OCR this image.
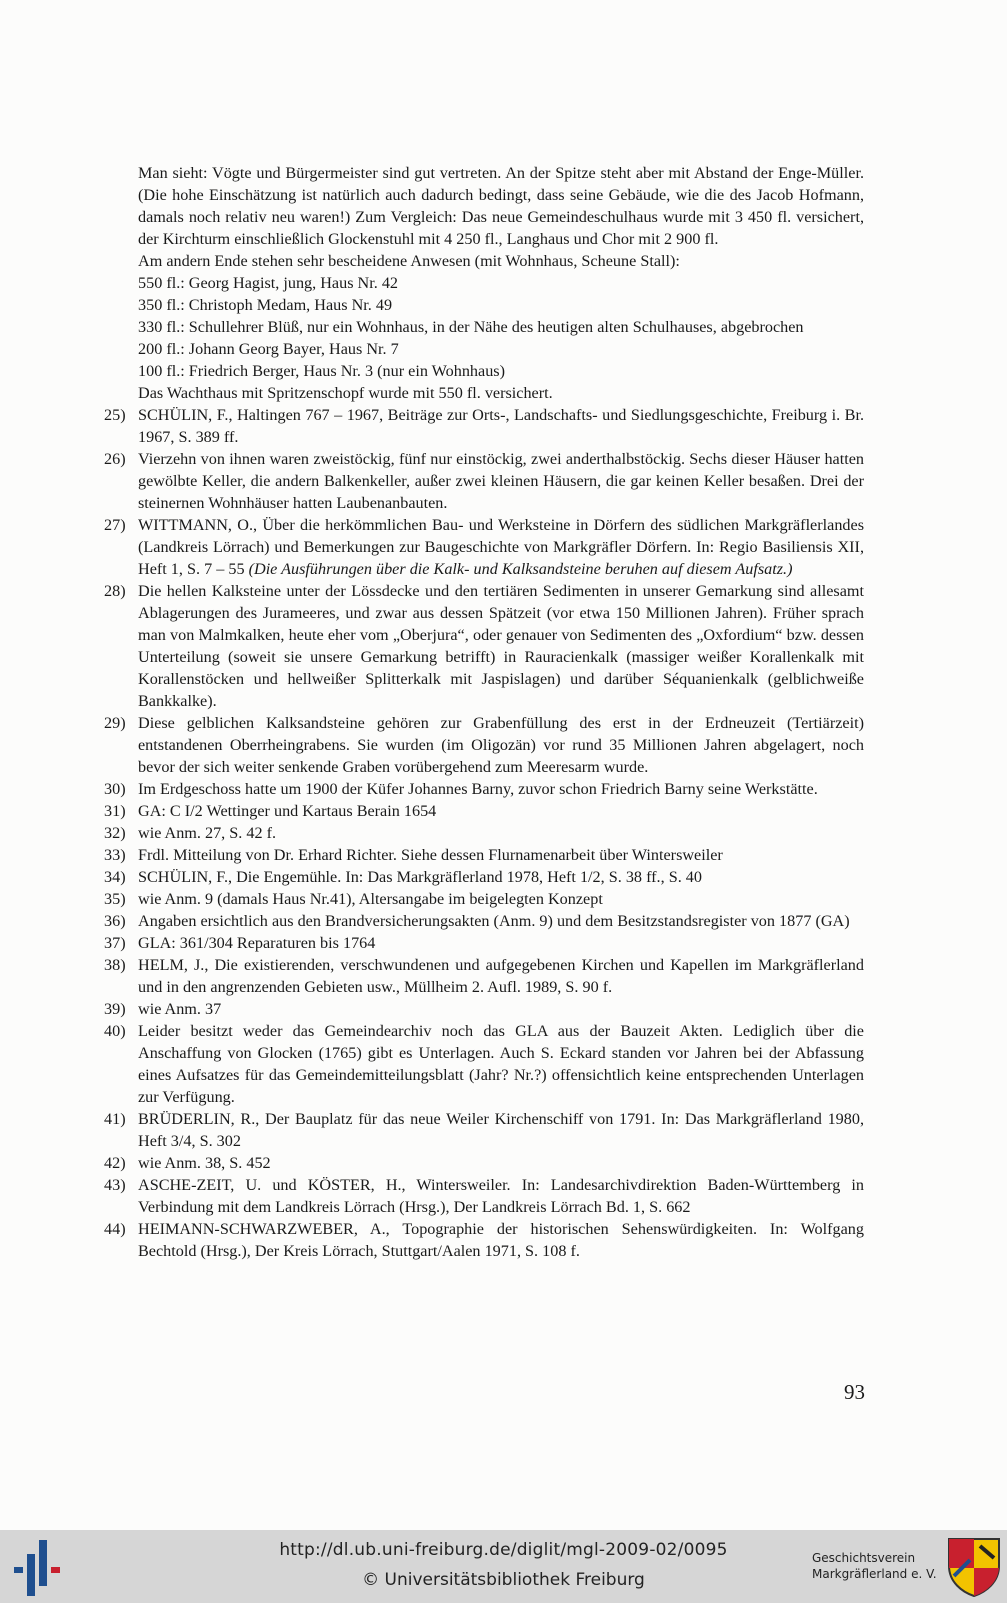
Man sieht: Vögte und Bürgermeister sind gut vertreten. An der Spitze steht aber mit Abstand der Enge-Müller. (Die hohe Einschätzung ist natürlich auch dadurch bedingt, dass seine Gebäude, wie die des Jacob Hofmann, damals noch relativ neu waren!) Zum Vergleich: Das neue Gemeindeschulhaus wurde mit 3 450 fl. versichert, der Kirchturm einschließlich Glockenstuhl mit 4 250 fl., Langhaus und Chor mit 2 900 fl.

Am andern Ende stehen sehr bescheidene Anwesen (mit Wohnhaus, Scheune Stall):

550 fl.: Georg Hagist, jung, Haus Nr. 42

350 fl.: Christoph Medam, Haus Nr. 49

330 fl.: Schullehrer Blüß, nur ein Wohnhaus, in der Nähe des heutigen alten Schulhauses, abgebrochen

200 fl.: Johann Georg Bayer, Haus Nr. 7

100 fl.: Friedrich Berger, Haus Nr. 3 (nur ein Wohnhaus)

Das Wachthaus mit Spritzenschopf wurde mit 550 fl. versichert.

25) SCHÜLIN, F., Haltingen 767 – 1967, Beiträge zur Orts-, Landschafts- und Siedlungsgeschichte, Freiburg i. Br. 1967, S. 389 ff.

26) Vierzehn von ihnen waren zweistöckig, fünf nur einstöckig, zwei anderthalbstöckig. Sechs dieser Häuser hatten gewölbte Keller, die andern Balkenkeller, außer zwei kleinen Häusern, die gar keinen Keller besaßen. Drei der steinernen Wohnhäuser hatten Laubenanbauten.

27) WITTMANN, O., Über die herkömmlichen Bau- und Werksteine in Dörfern des südlichen Markgräflerlandes (Landkreis Lörrach) und Bemerkungen zur Baugeschichte von Markgräfler Dörfern. In: Regio Basiliensis XII, Heft 1, S. 7 – 55 (Die Ausführungen über die Kalk- und Kalksandsteine beruhen auf diesem Aufsatz.)

28) Die hellen Kalksteine unter der Lössdecke und den tertiären Sedimenten in unserer Gemarkung sind allesamt Ablagerungen des Jurameeres, und zwar aus dessen Spätzeit (vor etwa 150 Millionen Jahren). Früher sprach man von Malmkalken, heute eher vom „Oberjura“, oder genauer von Sedimenten des „Oxfordium“ bzw. dessen Unterteilung (soweit sie unsere Gemarkung betrifft) in Rauracienkalk (massiger weißer Korallenkalk mit Korallenstöcken und hellweißer Splitterkalk mit Jaspislagen) und darüber Séquanienkalk (gelblichweiße Bankkalke).

29) Diese gelblichen Kalksandsteine gehören zur Grabenfüllung des erst in der Erdneuzeit (Tertiärzeit) entstandenen Oberrheingrabens. Sie wurden (im Oligozän) vor rund 35 Millionen Jahren abgelagert, noch bevor der sich weiter senkende Graben vorübergehend zum Meeresarm wurde.

30) Im Erdgeschoss hatte um 1900 der Küfer Johannes Barny, zuvor schon Friedrich Barny seine Werkstätte.

31) GA: C I/2 Wettinger und Kartaus Berain 1654

32) wie Anm. 27, S. 42 f.

33) Frdl. Mitteilung von Dr. Erhard Richter. Siehe dessen Flurnamenarbeit über Wintersweiler

34) SCHÜLIN, F., Die Engemühle. In: Das Markgräflerland 1978, Heft 1/2, S. 38 ff., S. 40

35) wie Anm. 9 (damals Haus Nr.41), Altersangabe im beigelegten Konzept

36) Angaben ersichtlich aus den Brandversicherungsakten (Anm. 9) und dem Besitzstandsregister von 1877 (GA)

37) GLA: 361/304 Reparaturen bis 1764

38) HELM, J., Die existierenden, verschwundenen und aufgegebenen Kirchen und Kapellen im Markgräflerland und in den angrenzenden Gebieten usw., Müllheim 2. Aufl. 1989, S. 90 f.

39) wie Anm. 37

40) Leider besitzt weder das Gemeindearchiv noch das GLA aus der Bauzeit Akten. Lediglich über die Anschaffung von Glocken (1765) gibt es Unterlagen. Auch S. Eckard standen vor Jahren bei der Abfassung eines Aufsatzes für das Gemeindemitteilungsblatt (Jahr? Nr.?) offensichtlich keine entsprechenden Unterlagen zur Verfügung.

41) BRÜDERLIN, R., Der Bauplatz für das neue Weiler Kirchenschiff von 1791. In: Das Markgräflerland 1980, Heft 3/4, S. 302

42) wie Anm. 38, S. 452

43) ASCHE-ZEIT, U. und KÖSTER, H., Wintersweiler. In: Landesarchivdirektion Baden-Württemberg in Verbindung mit dem Landkreis Lörrach (Hrsg.), Der Landkreis Lörrach Bd. 1, S. 662

44) HEIMANN-SCHWARZWEBER, A., Topographie der historischen Sehenswürdigkeiten. In: Wolfgang Bechtold (Hrsg.), Der Kreis Lörrach, Stuttgart/Aalen 1971, S. 108 f.

93
http://dl.ub.uni-freiburg.de/diglit/mgl-2009-02/0095
© Universitätsbibliothek Freiburg
Geschichtsverein
Markgräflerland e. V.
